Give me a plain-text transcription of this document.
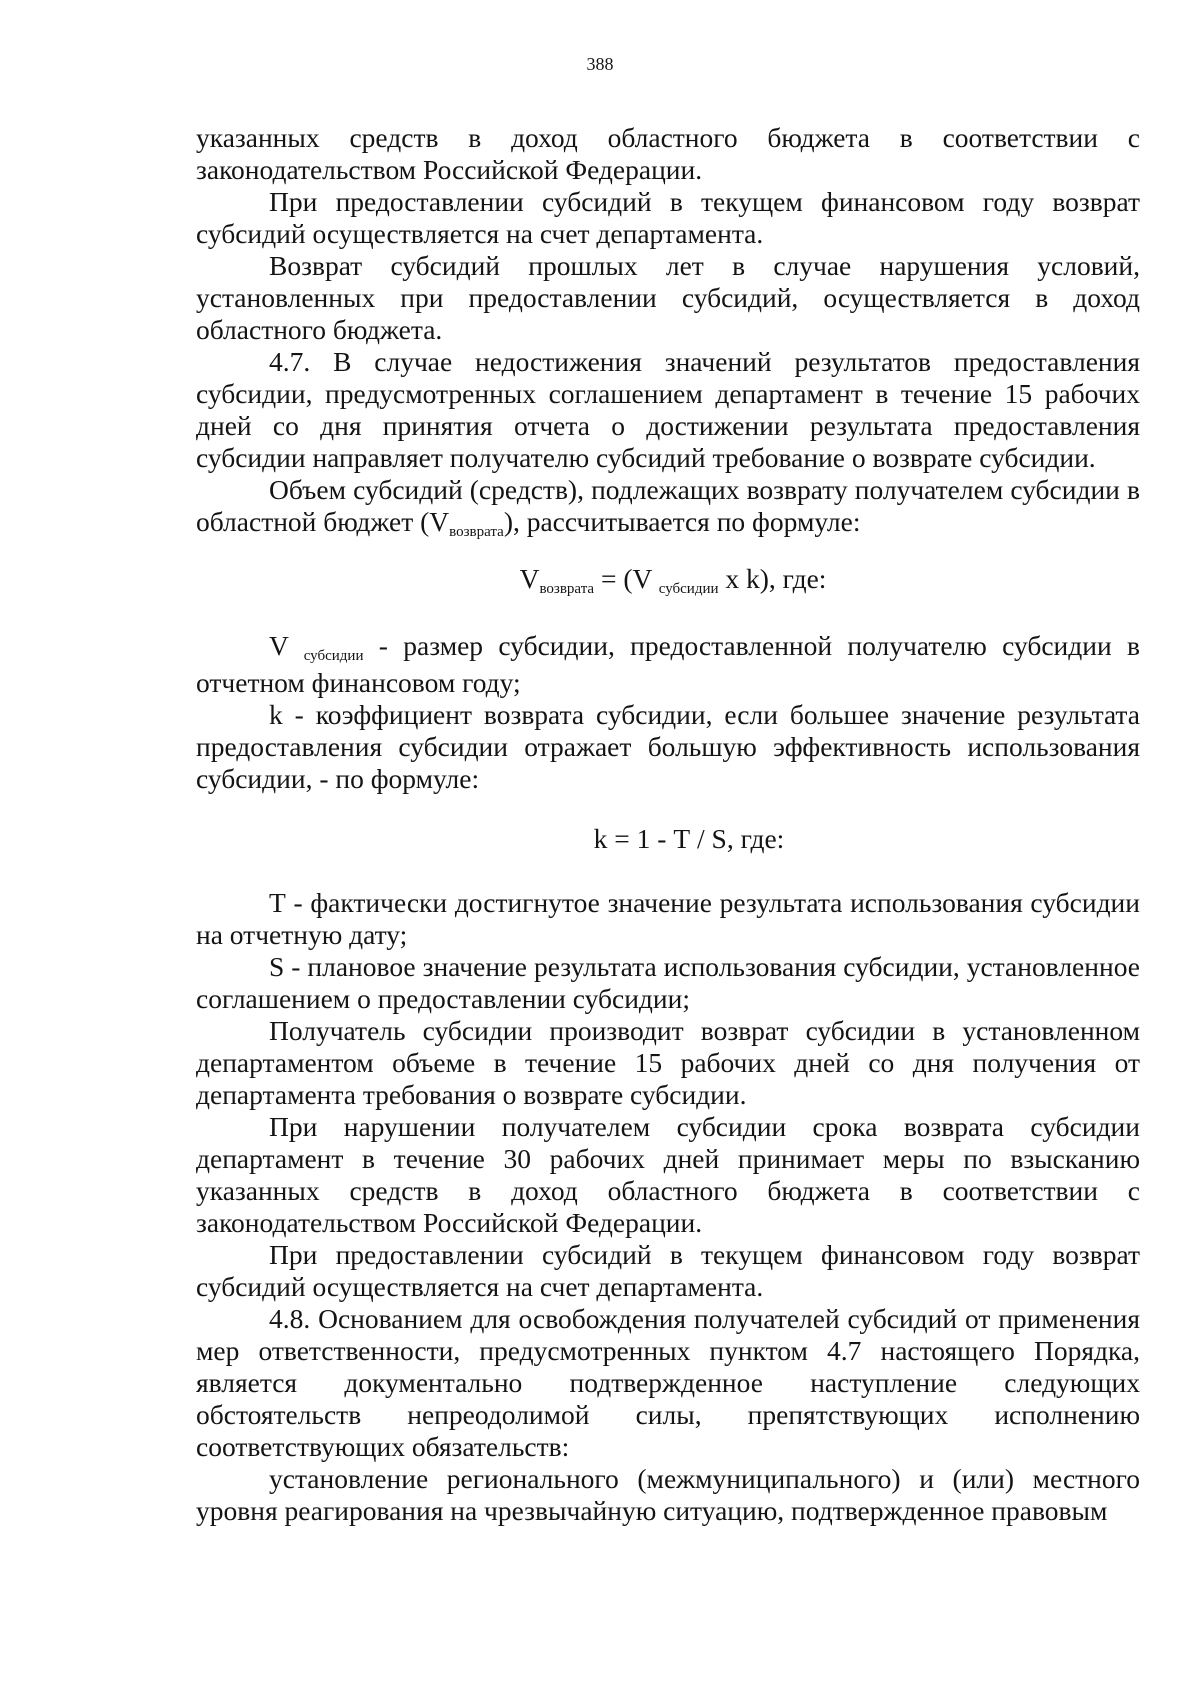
388

указанных средств в доход областного бюджета в соответствии с законодательством Российской Федерации.

При предоставлении субсидий в текущем финансовом году возврат субсидий осуществляется на счет департамента.

Возврат субсидий прошлых лет в случае нарушения условий, установленных при предоставлении субсидий, осуществляется в доход областного бюджета.

4.7. В случае недостижения значений результатов предоставления субсидии, предусмотренных соглашением департамент в течение 15 рабочих дней со дня принятия отчета о достижении результата предоставления субсидии направляет получателю субсидий требование о возврате субсидии.

Объем субсидий (средств), подлежащих возврату получателем субсидии в областной бюджет (Vвозврата), рассчитывается по формуле:

Vвозврата = (V субсидии x k), где:

V субсидии - размер субсидии, предоставленной получателю субсидии в отчетном финансовом году;

k - коэффициент возврата субсидии, если большее значение результата предоставления субсидии отражает большую эффективность использования субсидии, - по формуле:

k = 1 - Т / S, где:

Т - фактически достигнутое значение результата использования субсидии на отчетную дату;

S - плановое значение результата использования субсидии, установленное соглашением о предоставлении субсидии;

Получатель субсидии производит возврат субсидии в установленном департаментом объеме в течение 15 рабочих дней со дня получения от департамента требования о возврате субсидии.

При нарушении получателем субсидии срока возврата субсидии департамент в течение 30 рабочих дней принимает меры по взысканию указанных средств в доход областного бюджета в соответствии с законодательством Российской Федерации.

При предоставлении субсидий в текущем финансовом году возврат субсидий осуществляется на счет департамента.

4.8. Основанием для освобождения получателей субсидий от применения мер ответственности, предусмотренных пунктом 4.7 настоящего Порядка, является документально подтвержденное наступление следующих обстоятельств непреодолимой силы, препятствующих исполнению соответствующих обязательств:

установление регионального (межмуниципального) и (или) местного уровня реагирования на чрезвычайную ситуацию, подтвержденное правовым
